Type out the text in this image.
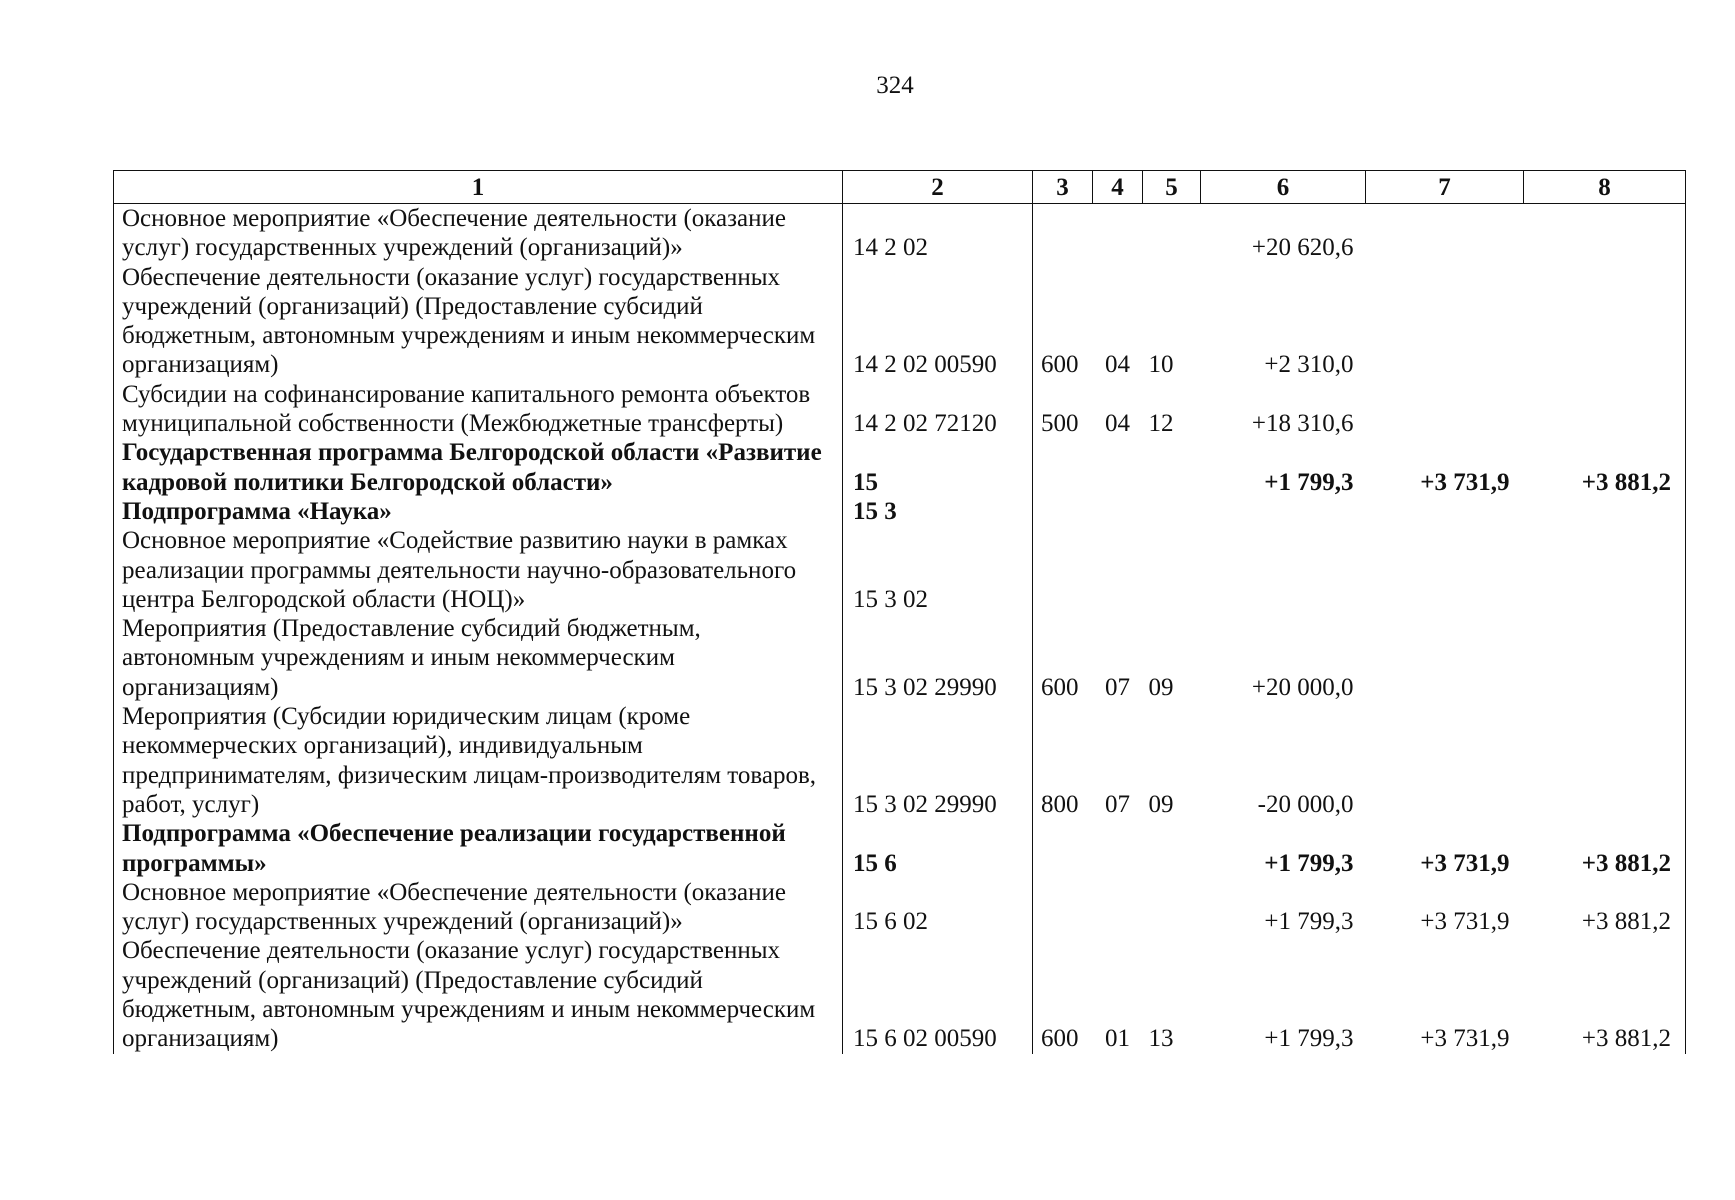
324
1	2	3	4	5	6	7	8
Основное мероприятие «Обеспечение деятельности (оказание услуг) государственных учреждений (организаций)»	14 2 02				+20 620,6		
Обеспечение деятельности (оказание услуг) государственных учреждений (организаций) (Предоставление субсидий бюджетным, автономным учреждениям и иным некоммерческим организациям)	14 2 02 00590	600	04	10	+2 310,0		
Субсидии на софинансирование капитального ремонта объектов муниципальной собственности (Межбюджетные трансферты)	14 2 02 72120	500	04	12	+18 310,6		
Государственная программа Белгородской области «Развитие кадровой политики Белгородской области»	15				+1 799,3	+3 731,9	+3 881,2
Подпрограмма «Наука»	15 3						
Основное мероприятие «Содействие развитию науки в рамках реализации программы деятельности научно-образовательного центра Белгородской области (НОЦ)»	15 3 02						
Мероприятия (Предоставление субсидий бюджетным, автономным учреждениям и иным некоммерческим организациям)	15 3 02 29990	600	07	09	+20 000,0		
Мероприятия (Субсидии юридическим лицам (кроме некоммерческих организаций), индивидуальным предпринимателям, физическим лицам-производителям товаров, работ, услуг)	15 3 02 29990	800	07	09	-20 000,0		
Подпрограмма «Обеспечение реализации государственной программы»	15 6				+1 799,3	+3 731,9	+3 881,2
Основное мероприятие «Обеспечение деятельности (оказание услуг) государственных учреждений (организаций)»	15 6 02				+1 799,3	+3 731,9	+3 881,2
Обеспечение деятельности (оказание услуг) государственных учреждений (организаций) (Предоставление субсидий бюджетным, автономным учреждениям и иным некоммерческим организациям)	15 6 02 00590	600	01	13	+1 799,3	+3 731,9	+3 881,2
